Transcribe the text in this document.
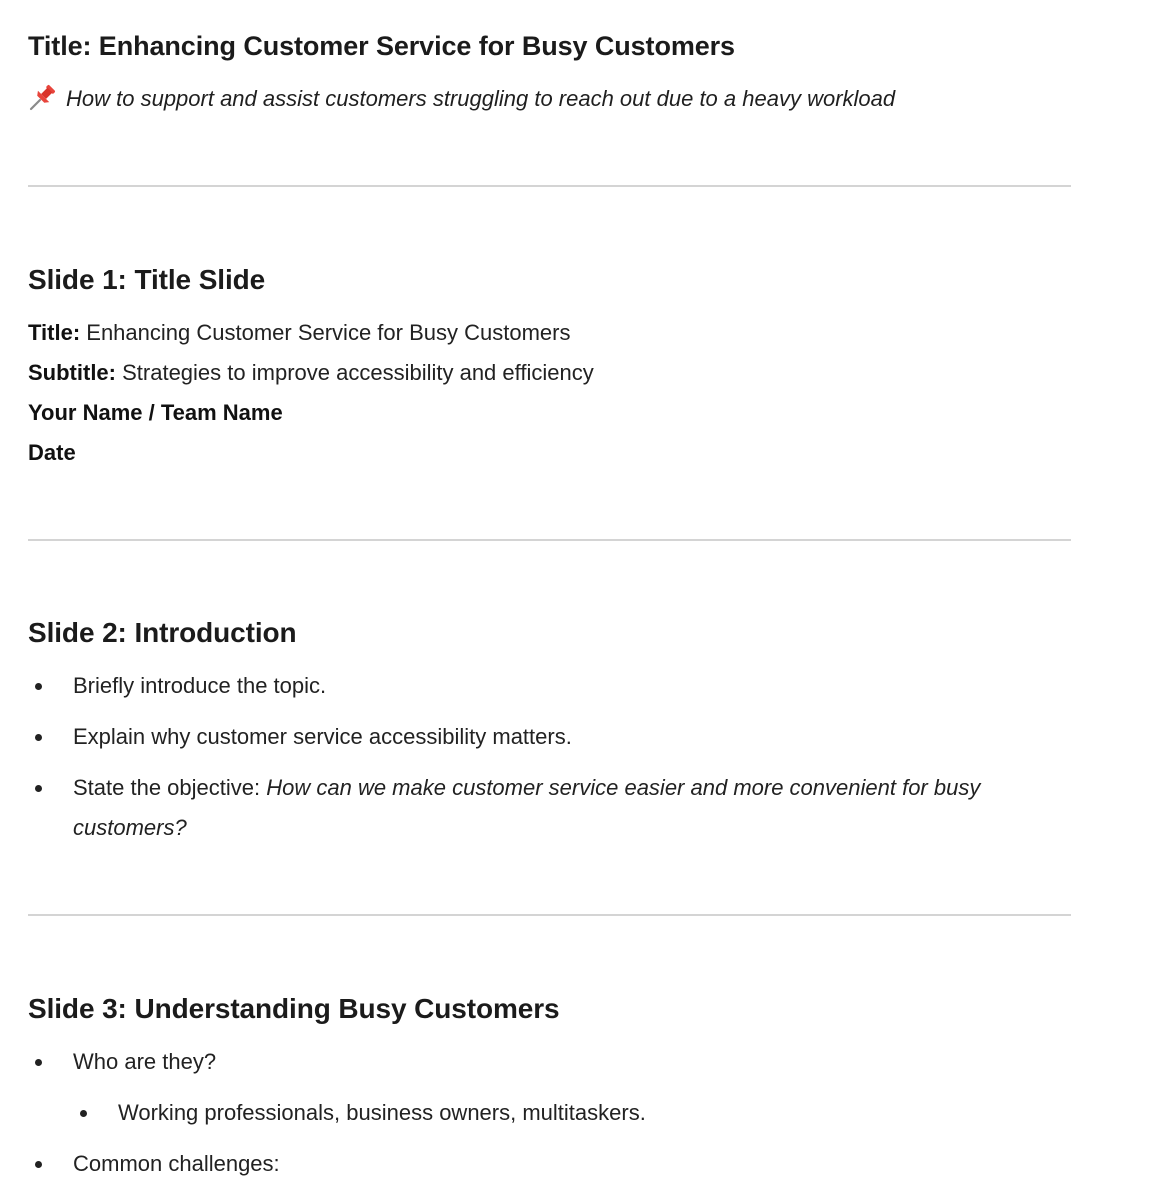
Title: Enhancing Customer Service for Busy Customers

How to support and assist customers struggling to reach out due to a heavy workload

Slide 1: Title Slide

Title: Enhancing Customer Service for Busy Customers

Subtitle: Strategies to improve accessibility and efficiency

Your Name / Team Name

Date

Slide 2: Introduction
Briefly introduce the topic.
Explain why customer service accessibility matters.
State the objective: How can we make customer service easier and more convenient for busy customers?
Slide 3: Understanding Busy Customers
Who are they?
Working professionals, business owners, multitaskers.
Common challenges:
